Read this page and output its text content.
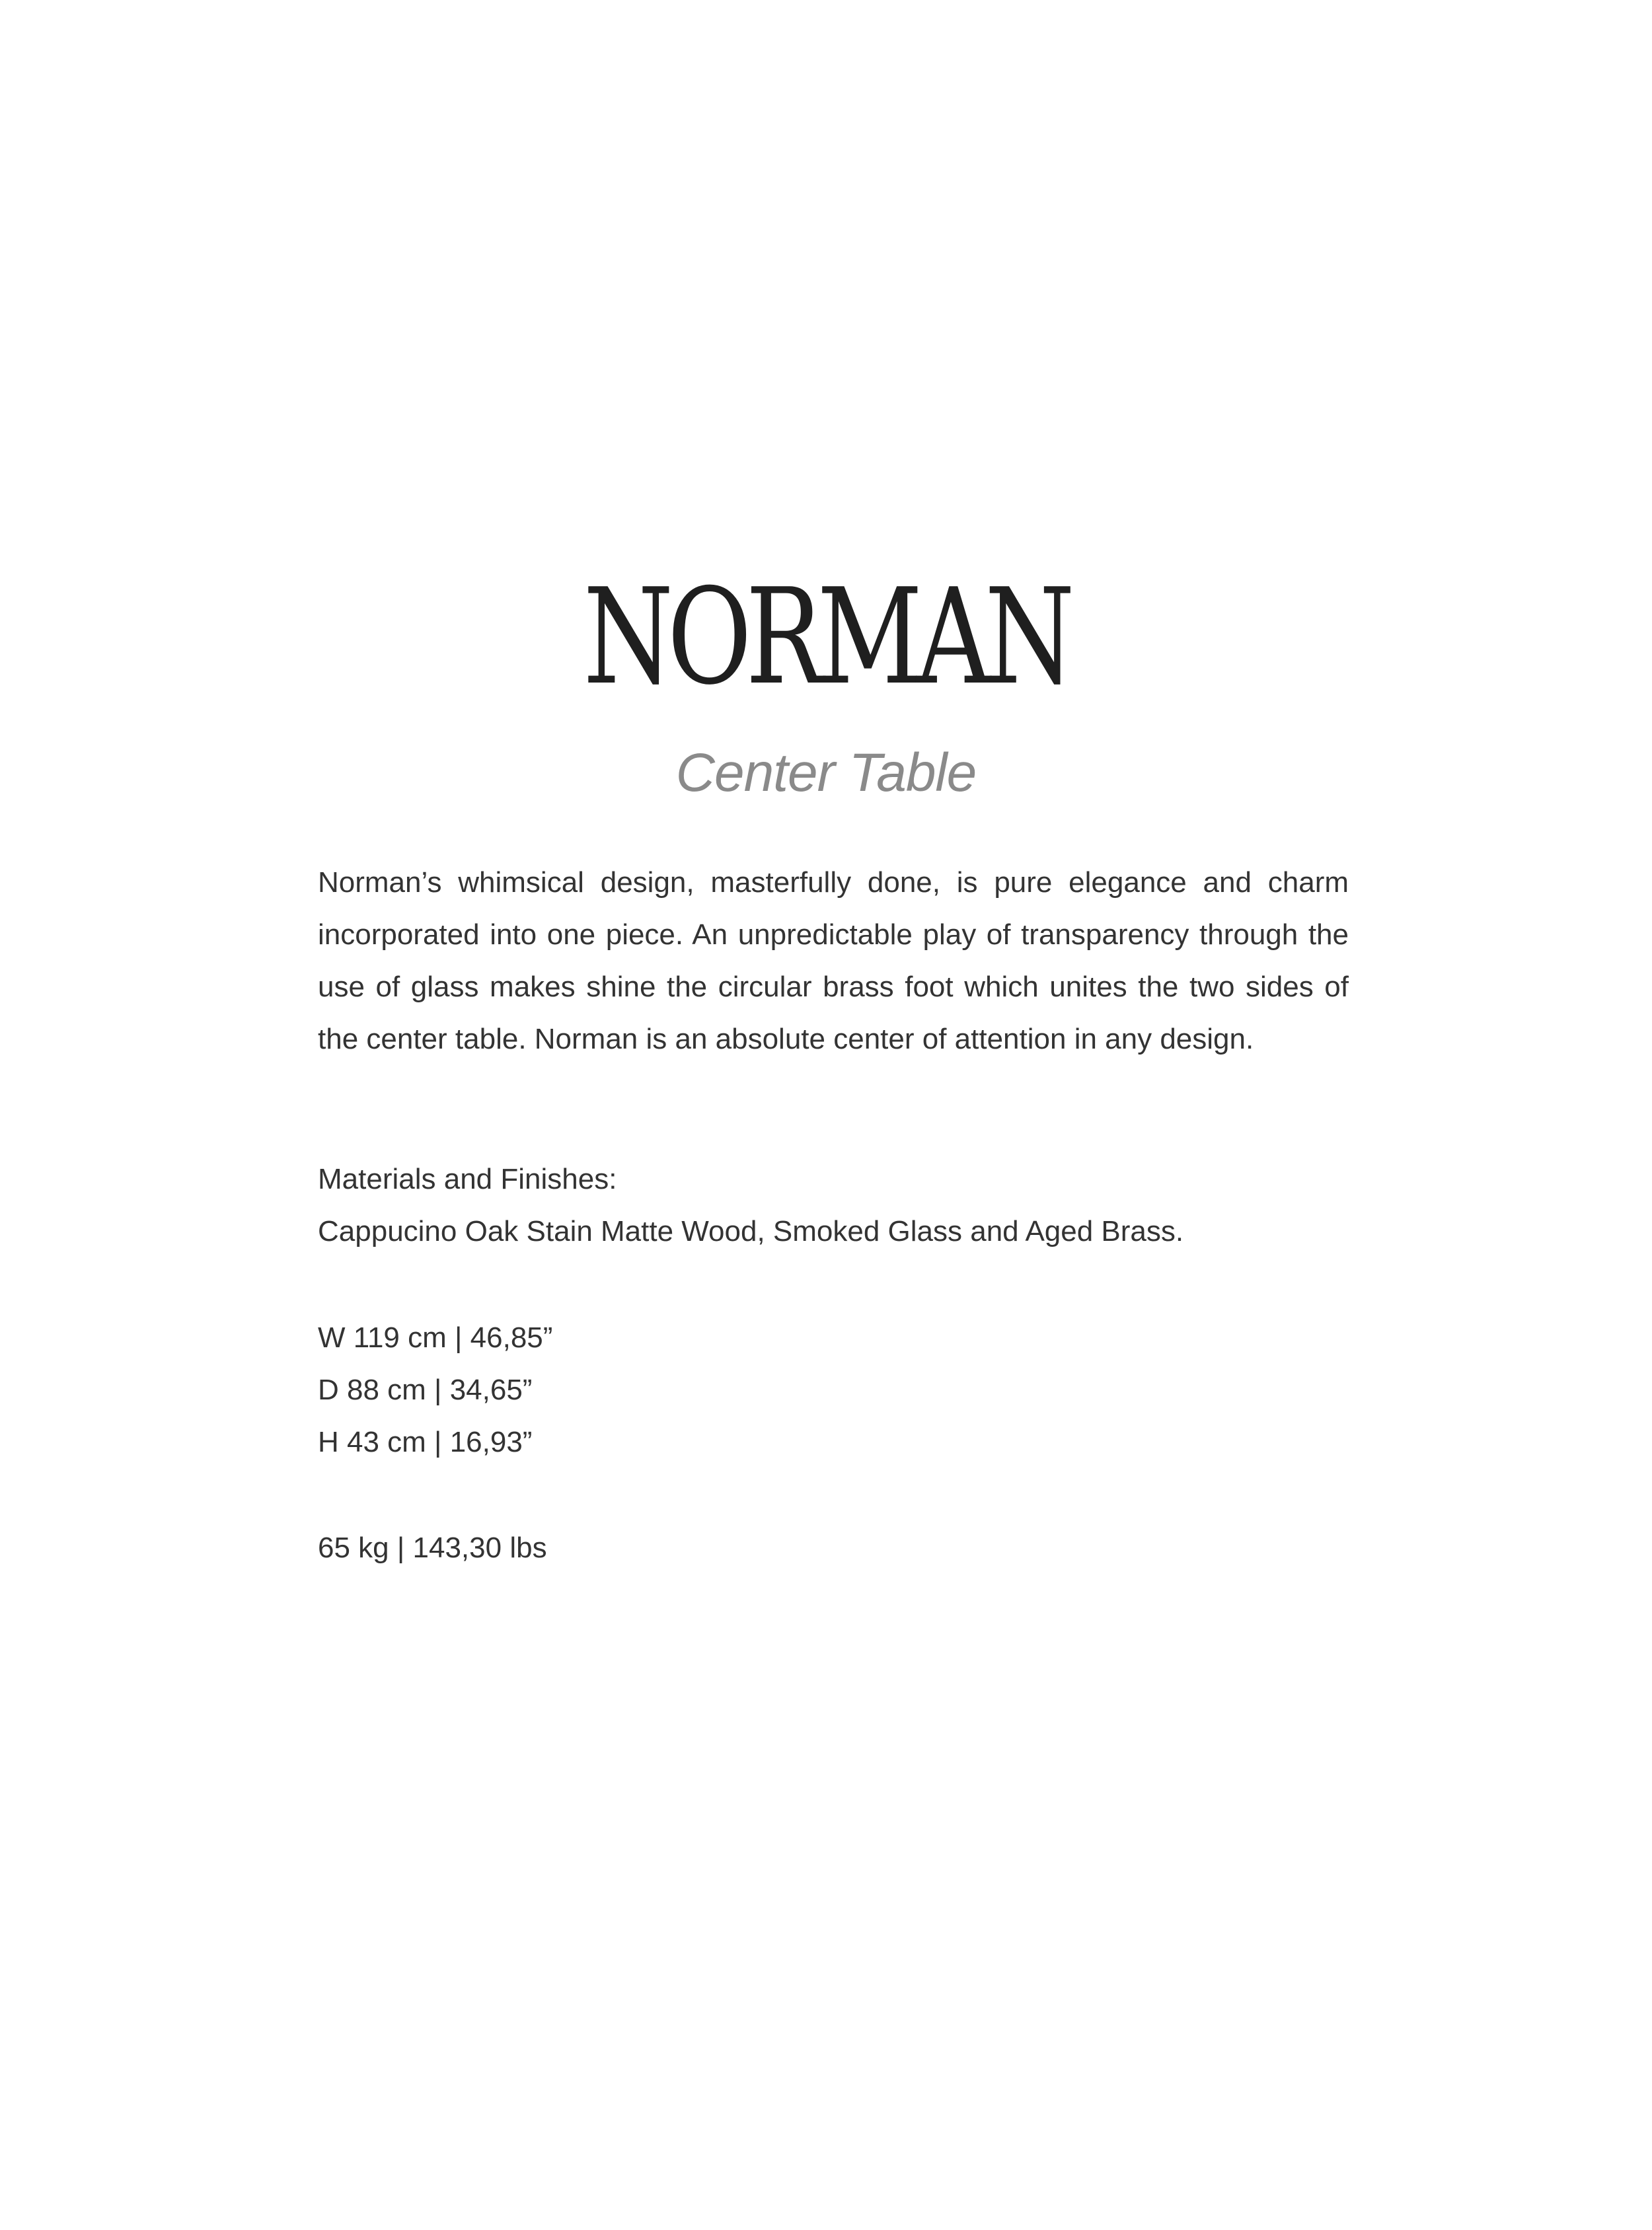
NORMAN
Center Table
Norman’s whimsical design, masterfully done, is pure elegance and charm incorporated into one piece. An unpredictable play of transparency through the use of glass makes shine the circular brass foot which unites the two sides of the center table. Norman is an absolute center of attention in any design.
Materials and Finishes:
Cappucino Oak Stain Matte Wood, Smoked Glass and Aged Brass.
W 119 cm | 46,85”
D 88 cm | 34,65”
H 43 cm | 16,93”
65 kg | 143,30 lbs
